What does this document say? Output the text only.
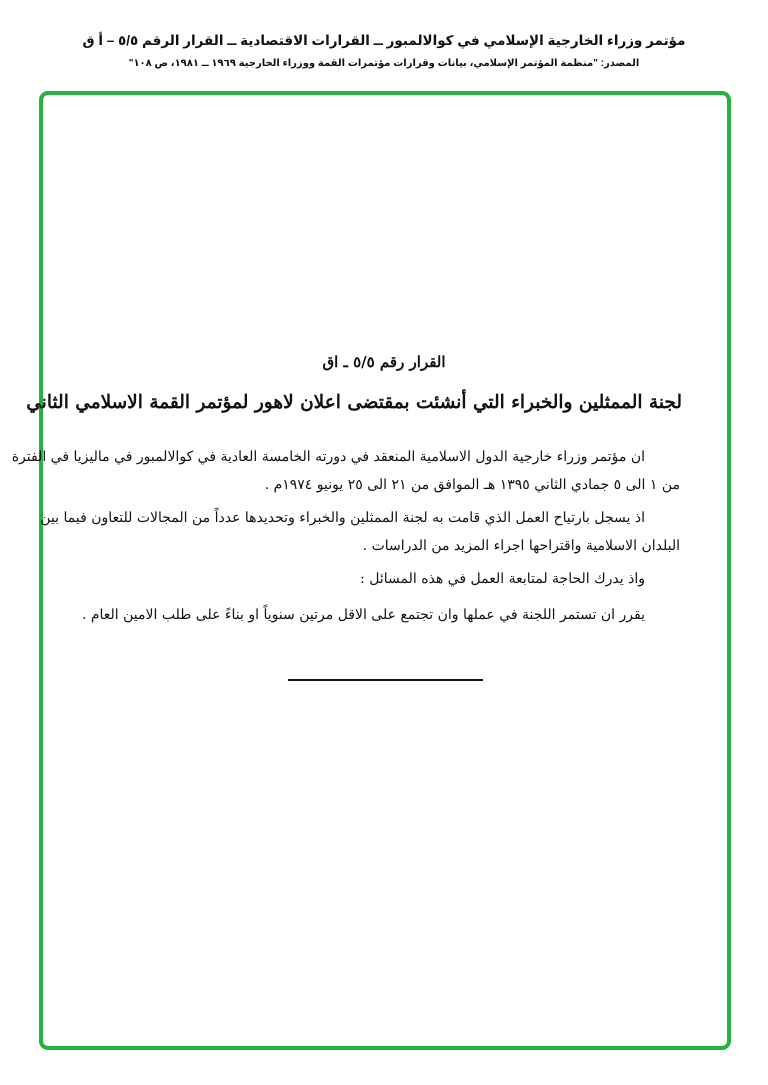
مؤتمر وزراء الخارجية الإسلامي في كوالالمبور ــ القرارات الاقتصادية ــ القرار الرقم ٥/٥ – أ ق
المصدر: "منظمة المؤتمر الإسلامي، بيانات وقرارات مؤتمرات القمة ووزراء الخارجية ١٩٦٩ ــ ١٩٨١، ص ١٠٨"
القرار رقم ٥/٥ ـ اق
لجنة الممثلين والخبراء التي أنشئت بمقتضى اعلان لاهور لمؤتمر القمة الاسلامي الثاني
ان مؤتمر وزراء خارجية الدول الاسلامية المنعقد في دورته الخامسة العادية في كوالالمبور في ماليزيا في الفترة
من ١ الى ٥ جمادي الثاني ١٣٩٥ هـ الموافق من ٢١ الى ٢٥ يونيو ١٩٧٤م .
اذ يسجل بارتياح العمل الذي قامت به لجنة الممثلين والخبراء وتحديدها عدداً من المجالات للتعاون فيما بين
البلدان الاسلامية واقتراحها اجراء المزيد من الدراسات .
واذ يدرك الحاجة لمتابعة العمل في هذه المسائل :
يقرر ان تستمر اللجنة في عملها وان تجتمع على الاقل مرتين سنوياً او بناءً على طلب الامين العام .
